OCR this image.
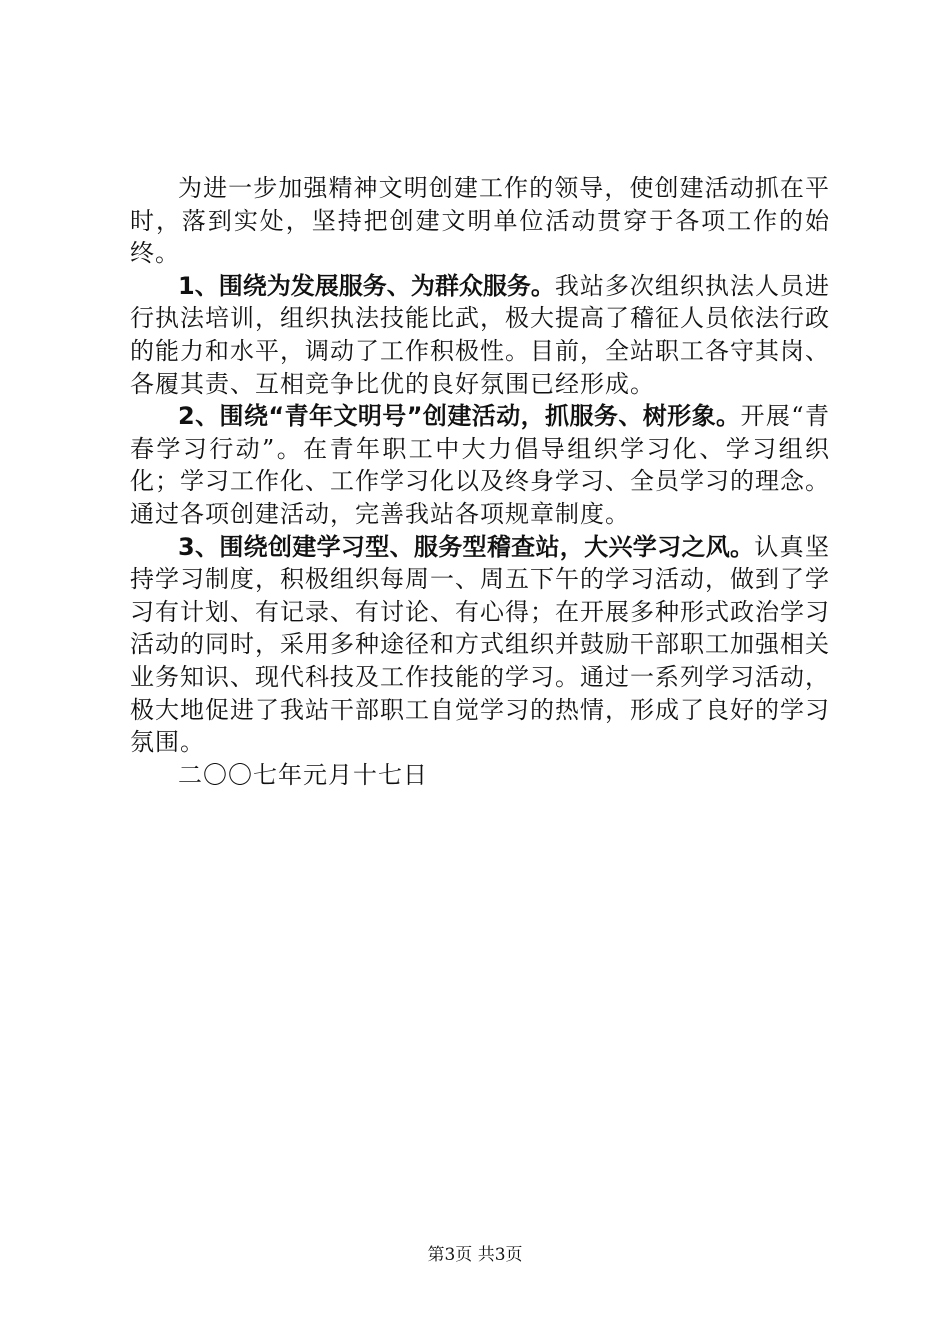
为进一步加强精神文明创建工作的领导，使创建活动抓在平时，落到实处，坚持把创建文明单位活动贯穿于各项工作的始终。

1、围绕为发展服务、为群众服务。我站多次组织执法人员进行执法培训，组织执法技能比武，极大提高了稽征人员依法行政的能力和水平，调动了工作积极性。目前，全站职工各守其岗、各履其责、互相竞争比优的良好氛围已经形成。

2、围绕“青年文明号”创建活动，抓服务、树形象。开展“青春学习行动”。在青年职工中大力倡导组织学习化、学习组织化；学习工作化、工作学习化以及终身学习、全员学习的理念。通过各项创建活动，完善我站各项规章制度。

3、围绕创建学习型、服务型稽查站，大兴学习之风。认真坚持学习制度，积极组织每周一、周五下午的学习活动，做到了学习有计划、有记录、有讨论、有心得；在开展多种形式政治学习活动的同时，采用多种途径和方式组织并鼓励干部职工加强相关业务知识、现代科技及工作技能的学习。通过一系列学习活动，极大地促进了我站干部职工自觉学习的热情，形成了良好的学习氛围。

二〇〇七年元月十七日

第3页 共3页
